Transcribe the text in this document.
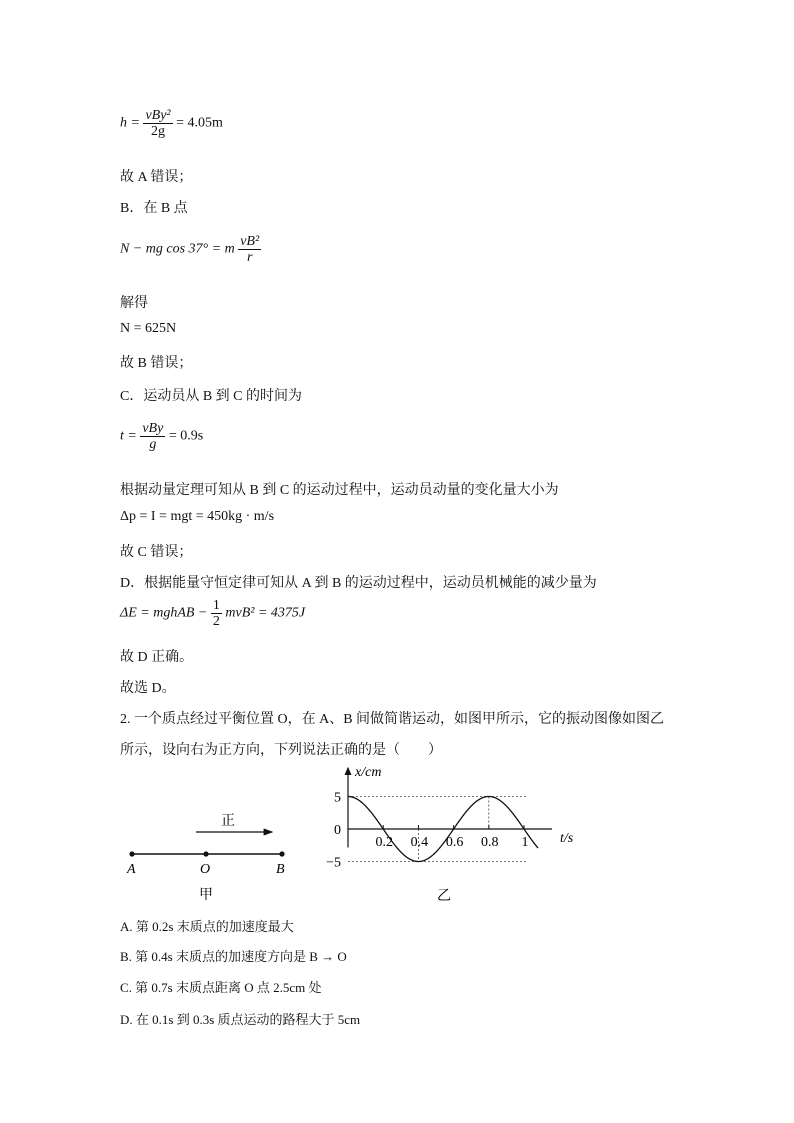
$h = \frac{\text{vBy²}}{2g} = 4.05m$
故 A 错误；
B．在 B 点
N − mg cos 37° = m $\frac{\text{vB²}}{r}$
解得
N = 625N
故 B 错误；
C．运动员从 B 到 C 的时间为
$t = \frac{\text{vBy}}{g} = 0.9s$
根据动量定理可知从 B 到 C 的运动过程中，运动员动量的变化量大小为
Δp = I = mgt = 450kg · m/s
故 C 错误；
D．根据能量守恒定律可知从 A 到 B 的运动过程中，运动员机械能的减少量为
ΔE = mghAB − $\frac{1}{2} mvB^2 = 4375J$
故 D 正确。
故选 D。
2. 一个质点经过平衡位置 O，在 A、B 间做简谐运动，如图甲所示，它的振动图像如图乙
所示，设向右为正方向，下列说法正确的是（　　）
正
A	O	B
甲
x/cm
t/s
乙
5
0
−5
0.2 0.4 0.6 0.8 1
A. 第 0.2s 末质点的加速度最大
B. 第 0.4s 末质点的加速度方向是 B → O
C. 第 0.7s 末质点距离 O 点 2.5cm 处
D. 在 0.1s 到 0.3s 质点运动的路程大于 5cm
